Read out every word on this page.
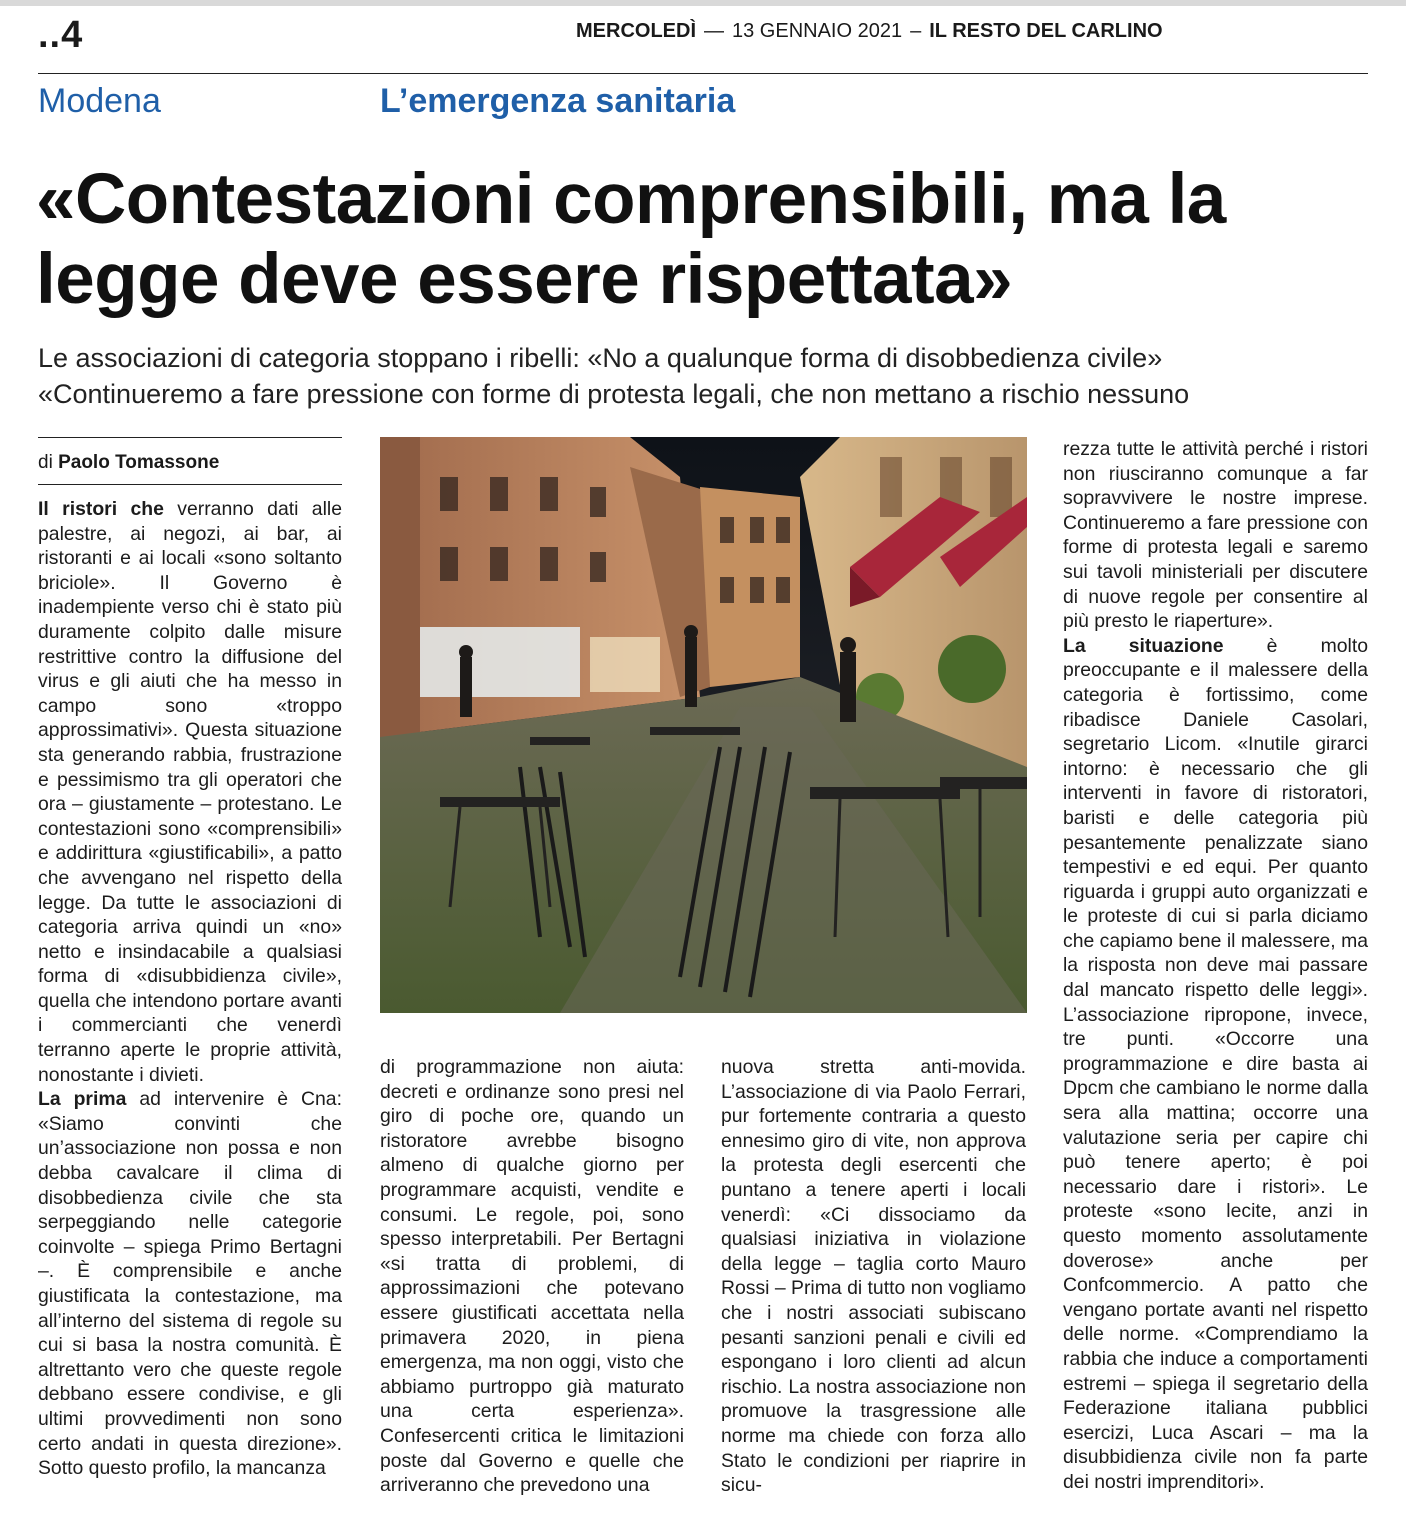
..4	MERCOLEDÌ — 13 GENNAIO 2021 – IL RESTO DEL CARLINO
Modena	L’emergenza sanitaria
«Contestazioni comprensibili, ma la legge deve essere rispettata»
Le associazioni di categoria stoppano i ribelli: «No a qualunque forma di disobbedienza civile»
«Continueremo a fare pressione con forme di protesta legali, che non mettano a rischio nessuno
di Paolo Tomassone

Il ristori che verranno dati alle palestre, ai negozi, ai bar, ai ristoranti e ai locali «sono soltanto briciole». Il Governo è inadempiente verso chi è stato più duramente colpito dalle misure restrittive contro la diffusione del virus e gli aiuti che ha messo in campo sono «troppo approssimativi». Questa situazione sta generando rabbia, frustrazione e pessimismo tra gli operatori che ora – giustamente – protestano. Le contestazioni sono «comprensibili» e addirittura «giustificabili», a patto che avvengano nel rispetto della legge. Da tutte le associazioni di categoria arriva quindi un «no» netto e insindacabile a qualsiasi forma di «disubbidienza civile», quella che intendono portare avanti i commercianti che venerdì terranno aperte le proprie attività, nonostante i divieti.

La prima ad intervenire è Cna: «Siamo convinti che un’associazione non possa e non debba cavalcare il clima di disobbedienza civile che sta serpeggiando nelle categorie coinvolte – spiega Primo Bertagni –. È comprensibile e anche giustificata la contestazione, ma all’interno del sistema di regole su cui si basa la nostra comunità. È altrettanto vero che queste regole debbano essere condivise, e gli ultimi provvedimenti non sono certo andati in questa direzione». Sotto questo profilo, la mancanza

di programmazione non aiuta: decreti e ordinanze sono presi nel giro di poche ore, quando un ristoratore avrebbe bisogno almeno di qualche giorno per programmare acquisti, vendite e consumi. Le regole, poi, sono spesso interpretabili. Per Bertagni «si tratta di problemi, di approssimazioni che potevano essere giustificati accettata nella primavera 2020, in piena emergenza, ma non oggi, visto che abbiamo purtroppo già maturato una certa esperienza». Confesercenti critica le limitazioni poste dal Governo e quelle che arriveranno che prevedono una
nuova stretta anti-movida. L’associazione di via Paolo Ferrari, pur fortemente contraria a questo ennesimo giro di vite, non approva la protesta degli esercenti che puntano a tenere aperti i locali venerdì: «Ci dissociamo da qualsiasi iniziativa in violazione della legge – taglia corto Mauro Rossi – Prima di tutto non vogliamo che i nostri associati subiscano pesanti sanzioni penali e civili ed espongano i loro clienti ad alcun rischio. La nostra associazione non promuove la trasgressione alle norme ma chiede con forza allo Stato le condizioni per riaprire in sicu-

rezza tutte le attività perché i ristori non riusciranno comunque a far sopravvivere le nostre imprese. Continueremo a fare pressione con forme di protesta legali e saremo sui tavoli ministeriali per discutere di nuove regole per consentire al più presto le riaperture».

La situazione è molto preoccupante e il malessere della categoria è fortissimo, come ribadisce Daniele Casolari, segretario Licom. «Inutile girarci intorno: è necessario che gli interventi in favore di ristoratori, baristi e delle categoria più pesantemente penalizzate siano tempestivi e ed equi. Per quanto riguarda i gruppi auto organizzati e le proteste di cui si parla diciamo che capiamo bene il malessere, ma la risposta non deve mai passare dal mancato rispetto delle leggi». L’associazione ripropone, invece, tre punti. «Occorre una programmazione e dire basta ai Dpcm che cambiano le norme dalla sera alla mattina; occorre una valutazione seria per capire chi può tenere aperto; è poi necessario dare i ristori». Le proteste «sono lecite, anzi in questo momento assolutamente doverose» anche per Confcommercio. A patto che vengano portate avanti nel rispetto delle norme. «Comprendiamo la rabbia che induce a comportamenti estremi – spiega il segretario della Federazione italiana pubblici esercizi, Luca Ascari – ma la disubbidienza civile non fa parte dei nostri imprenditori».
